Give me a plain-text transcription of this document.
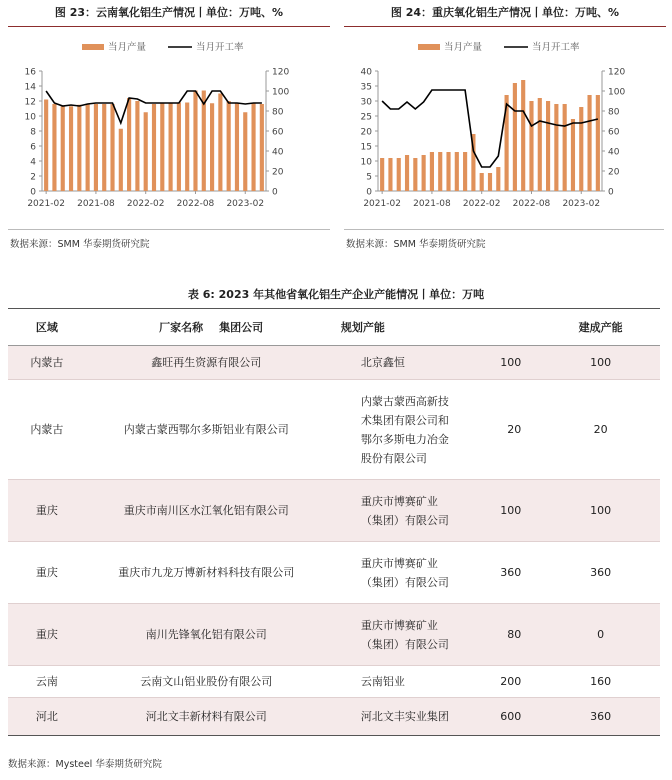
图 23：云南氧化铝生产情况丨单位：万吨、%
当月产量	当月开工率
0
2
4
6
8
10
12
14
16
0
20
40
60
80
100
120
2021-02 2021-08 2022-02 2022-08 2023-02
数据来源：SMM 华泰期货研究院
图 24：重庆氧化铝生产情况丨单位：万吨、%
当月产量	当月开工率
0
5
10
15
20
25
30
35
40
0
20
40
60
80
100
120
2021-02 2021-08 2022-02 2022-08 2023-02
数据来源：SMM 华泰期货研究院
表 6: 2023 年其他省氧化铝生产企业产能情况丨单位：万吨
区域	厂家名称	集团公司	规划产能		建成产能

内蒙古	鑫旺再生资源有限公司		北京鑫恒	100	100

内蒙古	内蒙古蒙西鄂尔多斯铝业有限公司		内蒙古蒙西高新技术集团有限公司和鄂尔多斯电力冶金股份有限公司	20	20

重庆	重庆市南川区水江氧化铝有限公司		重庆市博赛矿业（集团）有限公司	100	100

重庆	重庆市九龙万博新材料科技有限公司		重庆市博赛矿业（集团）有限公司	360	360

重庆	南川先锋氧化铝有限公司		重庆市博赛矿业（集团）有限公司	80	0

云南	云南文山铝业股份有限公司		云南铝业	200	160

河北	河北文丰新材料有限公司		河北文丰实业集团	600	360
数据来源：Mysteel 华泰期货研究院
